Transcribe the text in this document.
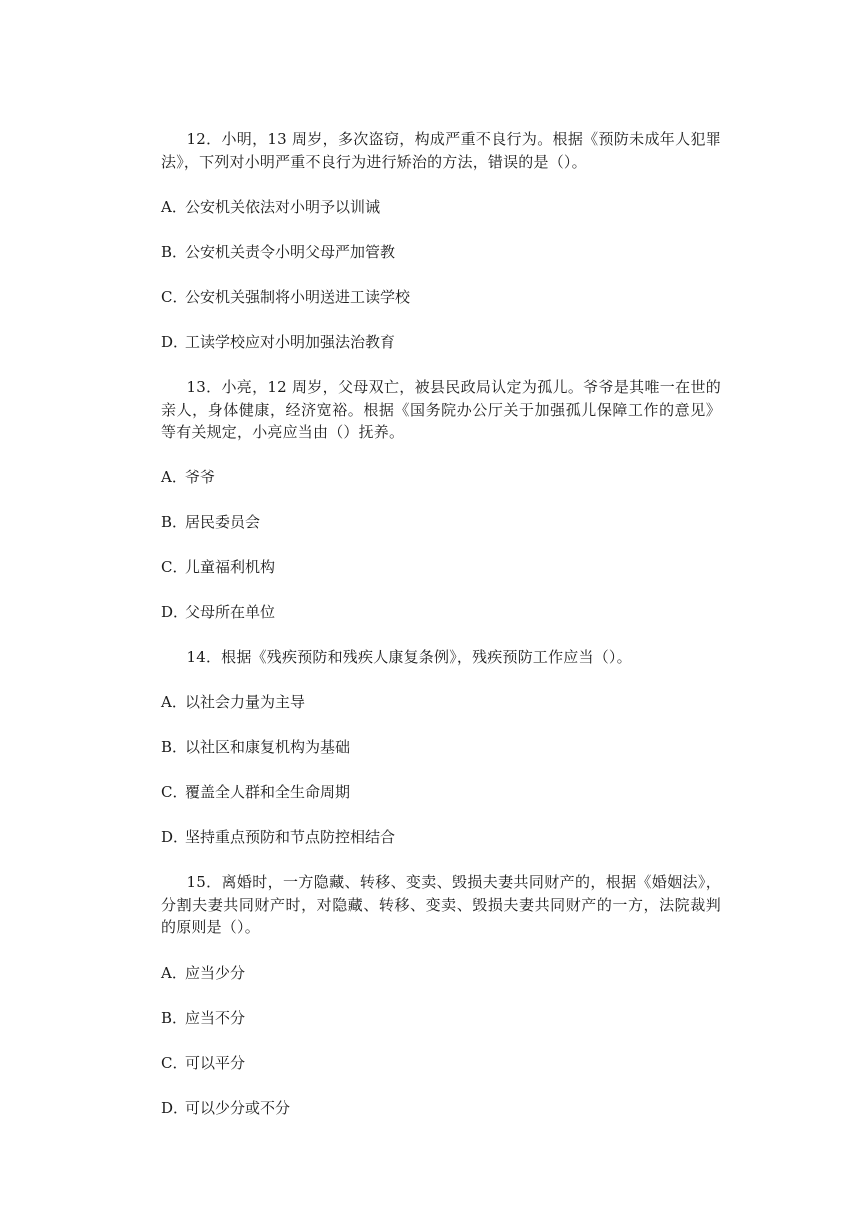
12．小明，13 周岁，多次盗窃，构成严重不良行为。根据《预防未成年人犯罪法》，下列对小明严重不良行为进行矫治的方法，错误的是（）。

A．公安机关依法对小明予以训诫

B．公安机关责令小明父母严加管教

C．公安机关强制将小明送进工读学校

D．工读学校应对小明加强法治教育

13．小亮，12 周岁，父母双亡，被县民政局认定为孤儿。爷爷是其唯一在世的亲人，身体健康，经济宽裕。根据《国务院办公厅关于加强孤儿保障工作的意见》等有关规定，小亮应当由（）抚养。

A．爷爷

B．居民委员会

C．儿童福利机构

D．父母所在单位

14．根据《残疾预防和残疾人康复条例》，残疾预防工作应当（）。

A．以社会力量为主导

B．以社区和康复机构为基础

C．覆盖全人群和全生命周期

D．坚持重点预防和节点防控相结合

15．离婚时，一方隐藏、转移、变卖、毁损夫妻共同财产的，根据《婚姻法》，分割夫妻共同财产时，对隐藏、转移、变卖、毁损夫妻共同财产的一方，法院裁判的原则是（）。

A．应当少分

B．应当不分

C．可以平分

D．可以少分或不分
